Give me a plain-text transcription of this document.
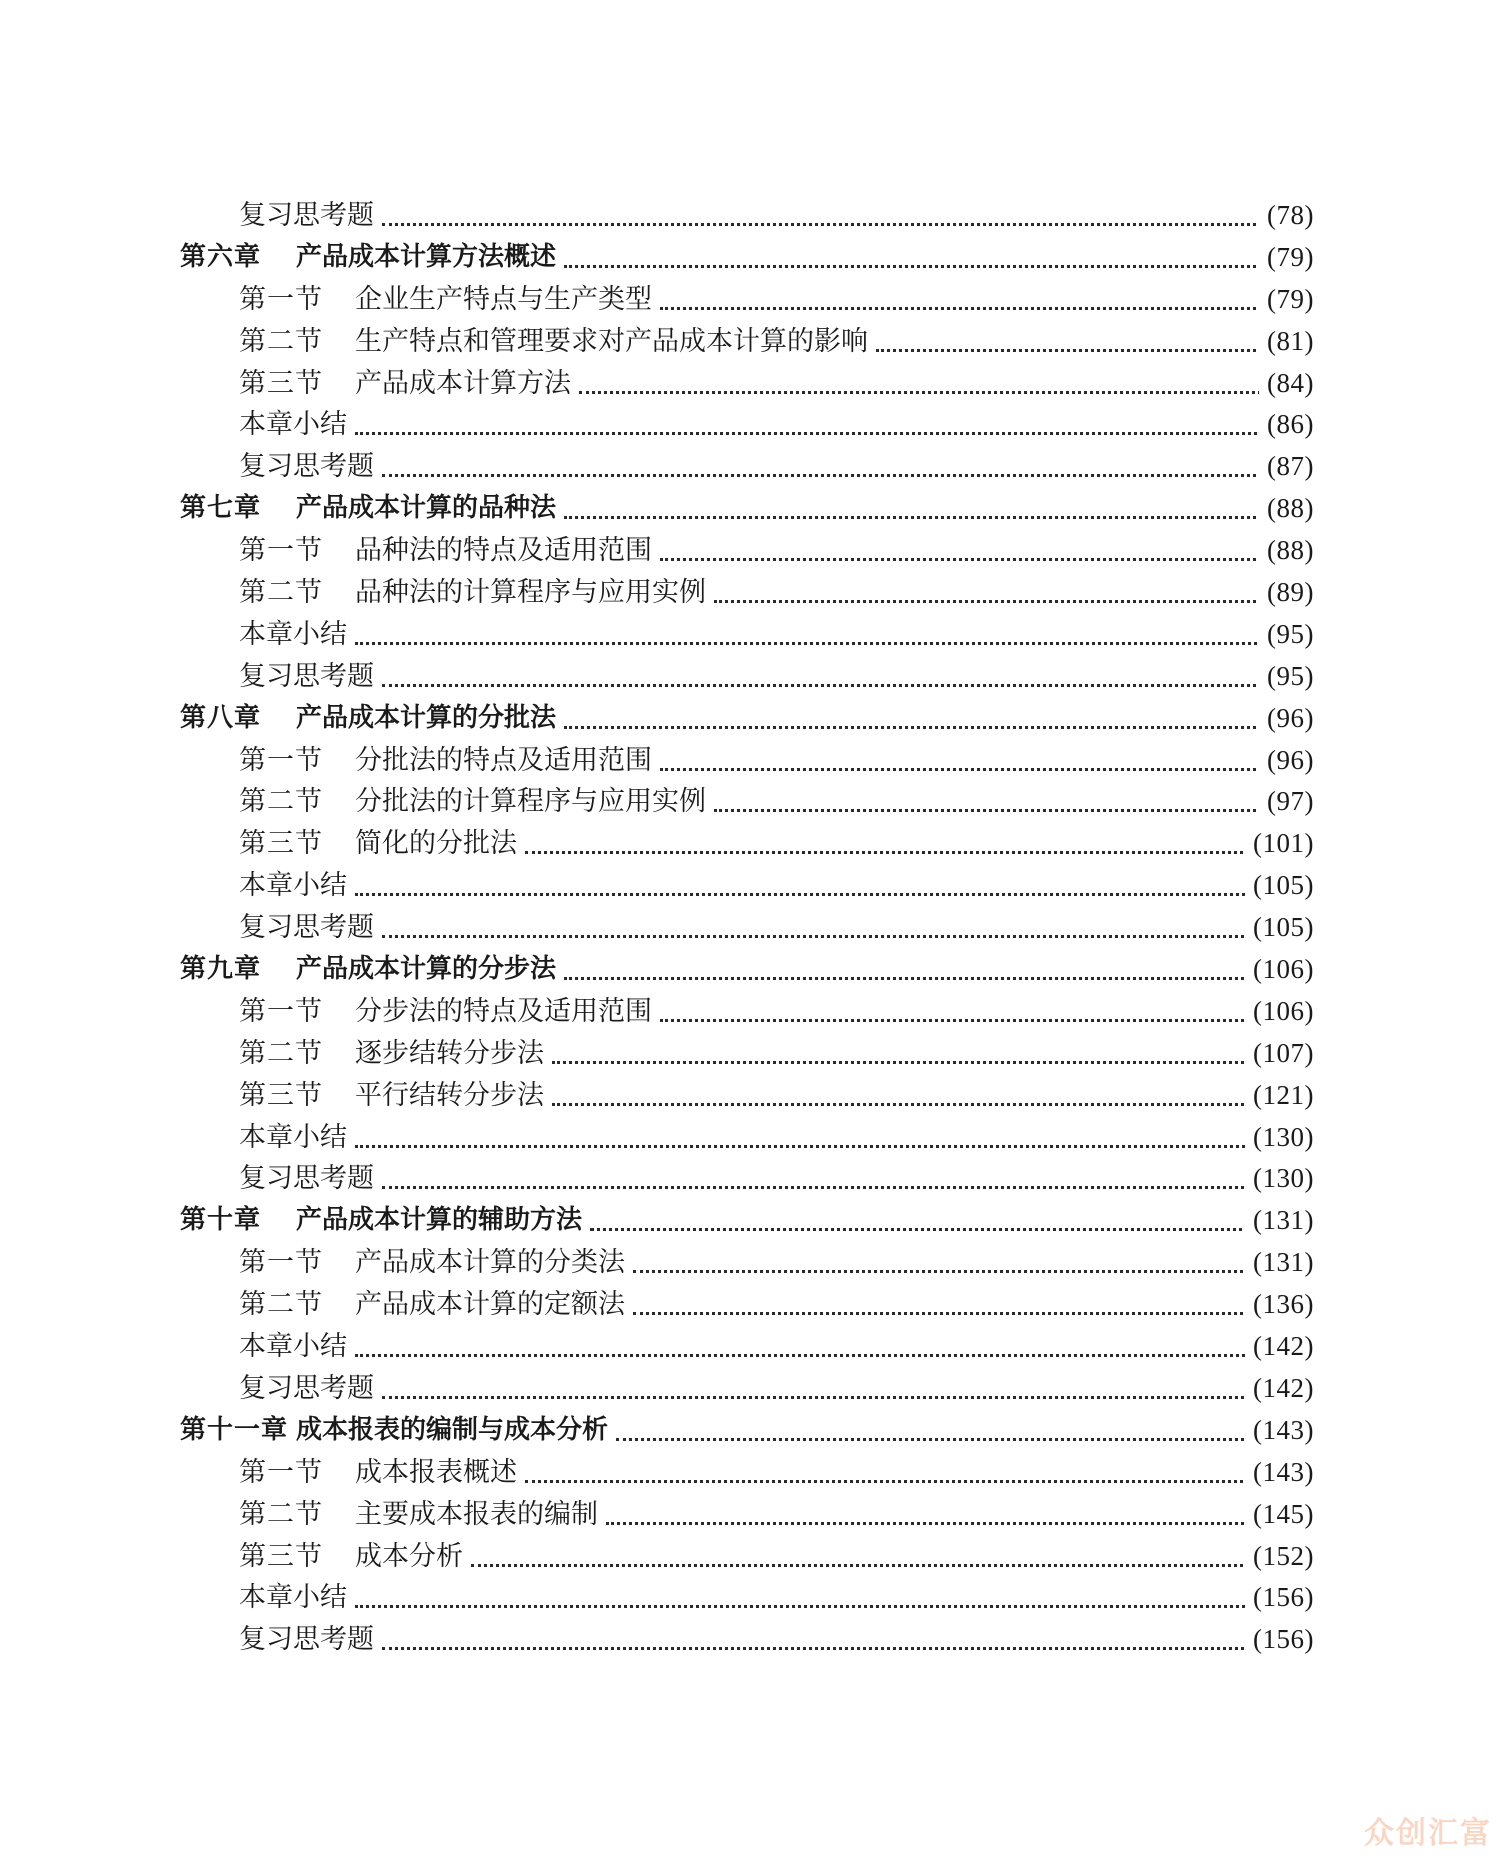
复习思考题	(78)
第六章 产品成本计算方法概述	(79)
第一节 企业生产特点与生产类型	(79)
第二节 生产特点和管理要求对产品成本计算的影响	(81)
第三节 产品成本计算方法	(84)
本章小结	(86)
复习思考题	(87)
第七章 产品成本计算的品种法	(88)
第一节 品种法的特点及适用范围	(88)
第二节 品种法的计算程序与应用实例	(89)
本章小结	(95)
复习思考题	(95)
第八章 产品成本计算的分批法	(96)
第一节 分批法的特点及适用范围	(96)
第二节 分批法的计算程序与应用实例	(97)
第三节 简化的分批法	(101)
本章小结	(105)
复习思考题	(105)
第九章 产品成本计算的分步法	(106)
第一节 分步法的特点及适用范围	(106)
第二节 逐步结转分步法	(107)
第三节 平行结转分步法	(121)
本章小结	(130)
复习思考题	(130)
第十章 产品成本计算的辅助方法	(131)
第一节 产品成本计算的分类法	(131)
第二节 产品成本计算的定额法	(136)
本章小结	(142)
复习思考题	(142)
第十一章 成本报表的编制与成本分析	(143)
第一节 成本报表概述	(143)
第二节 主要成本报表的编制	(145)
第三节 成本分析	(152)
本章小结	(156)
复习思考题	(156)
众创汇富
